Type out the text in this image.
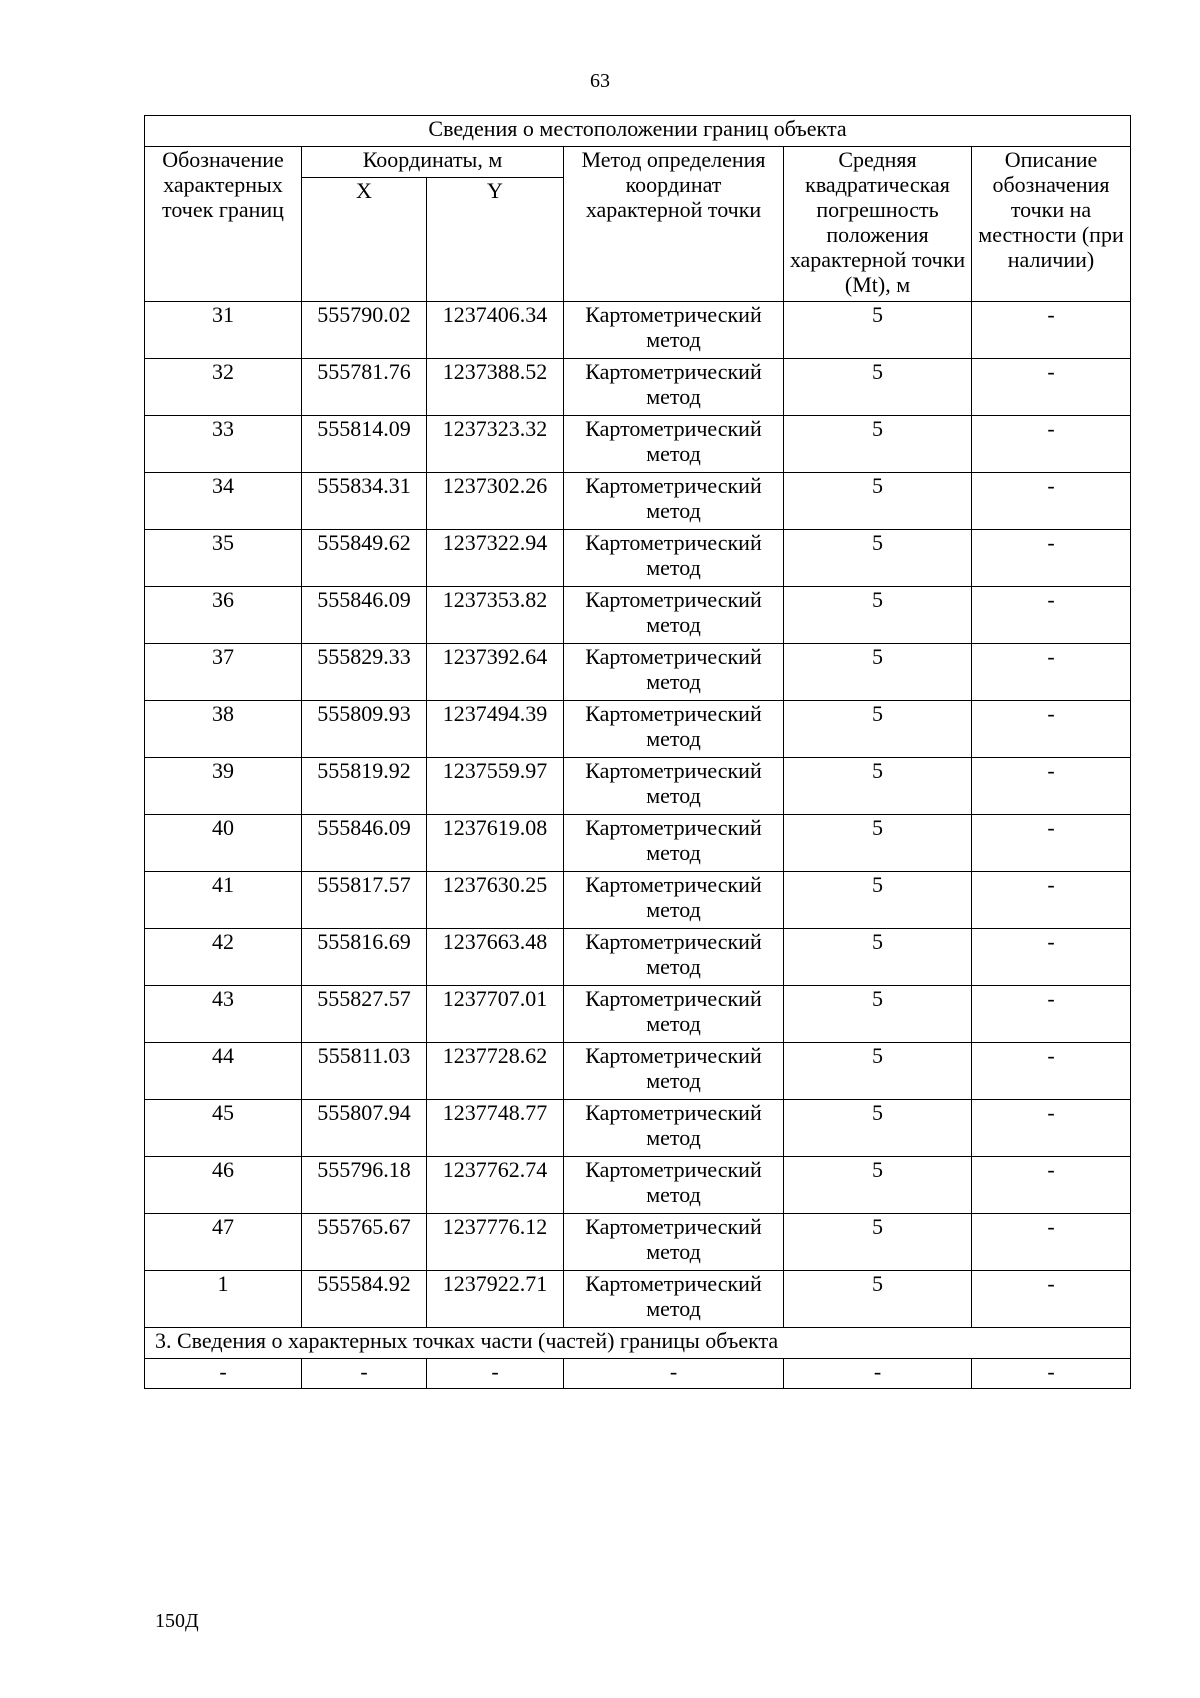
63
Сведения о местоположении границ объекта					
Обозначение характерных точек границ	Координаты, м		Метод определения координат характерной точки	Средняя квадратическая погрешность положения характерной точки (Mt), м	Описание обозначения точки на местности (при наличии)
	X	Y			
31	555790.02	1237406.34	Картометрический метод	5	-
32	555781.76	1237388.52	Картометрический метод	5	-
33	555814.09	1237323.32	Картометрический метод	5	-
34	555834.31	1237302.26	Картометрический метод	5	-
35	555849.62	1237322.94	Картометрический метод	5	-
36	555846.09	1237353.82	Картометрический метод	5	-
37	555829.33	1237392.64	Картометрический метод	5	-
38	555809.93	1237494.39	Картометрический метод	5	-
39	555819.92	1237559.97	Картометрический метод	5	-
40	555846.09	1237619.08	Картометрический метод	5	-
41	555817.57	1237630.25	Картометрический метод	5	-
42	555816.69	1237663.48	Картометрический метод	5	-
43	555827.57	1237707.01	Картометрический метод	5	-
44	555811.03	1237728.62	Картометрический метод	5	-
45	555807.94	1237748.77	Картометрический метод	5	-
46	555796.18	1237762.74	Картометрический метод	5	-
47	555765.67	1237776.12	Картометрический метод	5	-
1	555584.92	1237922.71	Картометрический метод	5	-
3. Сведения о характерных точках части (частей) границы объекта					
-	-	-	-	-	-
150Д
